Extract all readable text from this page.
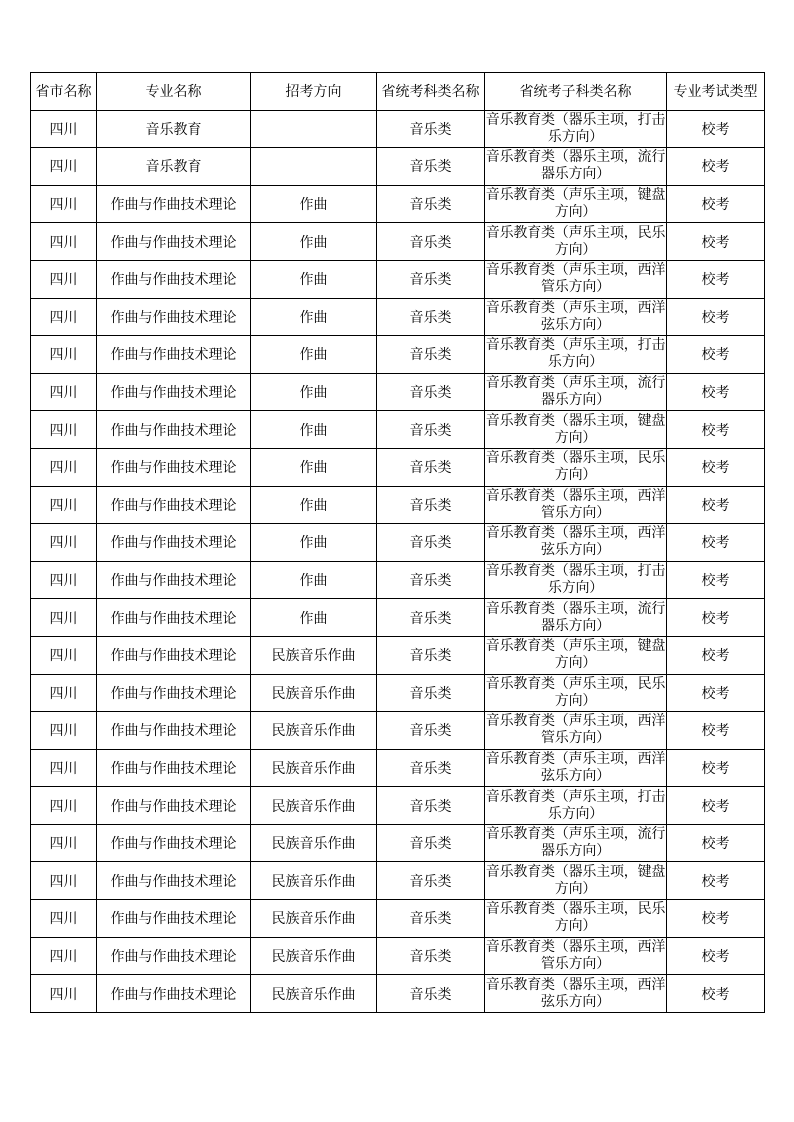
省市名称	专业名称	招考方向	省统考科类名称	省统考子科类名称	专业考试类型
四川	音乐教育		音乐类	音乐教育类（器乐主项，打击乐方向）	校考
四川	音乐教育		音乐类	音乐教育类（器乐主项，流行器乐方向）	校考
四川	作曲与作曲技术理论	作曲	音乐类	音乐教育类（声乐主项，键盘方向）	校考
四川	作曲与作曲技术理论	作曲	音乐类	音乐教育类（声乐主项，民乐方向）	校考
四川	作曲与作曲技术理论	作曲	音乐类	音乐教育类（声乐主项，西洋管乐方向）	校考
四川	作曲与作曲技术理论	作曲	音乐类	音乐教育类（声乐主项，西洋弦乐方向）	校考
四川	作曲与作曲技术理论	作曲	音乐类	音乐教育类（声乐主项，打击乐方向）	校考
四川	作曲与作曲技术理论	作曲	音乐类	音乐教育类（声乐主项，流行器乐方向）	校考
四川	作曲与作曲技术理论	作曲	音乐类	音乐教育类（器乐主项，键盘方向）	校考
四川	作曲与作曲技术理论	作曲	音乐类	音乐教育类（器乐主项，民乐方向）	校考
四川	作曲与作曲技术理论	作曲	音乐类	音乐教育类（器乐主项，西洋管乐方向）	校考
四川	作曲与作曲技术理论	作曲	音乐类	音乐教育类（器乐主项，西洋弦乐方向）	校考
四川	作曲与作曲技术理论	作曲	音乐类	音乐教育类（器乐主项，打击乐方向）	校考
四川	作曲与作曲技术理论	作曲	音乐类	音乐教育类（器乐主项，流行器乐方向）	校考
四川	作曲与作曲技术理论	民族音乐作曲	音乐类	音乐教育类（声乐主项，键盘方向）	校考
四川	作曲与作曲技术理论	民族音乐作曲	音乐类	音乐教育类（声乐主项，民乐方向）	校考
四川	作曲与作曲技术理论	民族音乐作曲	音乐类	音乐教育类（声乐主项，西洋管乐方向）	校考
四川	作曲与作曲技术理论	民族音乐作曲	音乐类	音乐教育类（声乐主项，西洋弦乐方向）	校考
四川	作曲与作曲技术理论	民族音乐作曲	音乐类	音乐教育类（声乐主项，打击乐方向）	校考
四川	作曲与作曲技术理论	民族音乐作曲	音乐类	音乐教育类（声乐主项，流行器乐方向）	校考
四川	作曲与作曲技术理论	民族音乐作曲	音乐类	音乐教育类（器乐主项，键盘方向）	校考
四川	作曲与作曲技术理论	民族音乐作曲	音乐类	音乐教育类（器乐主项，民乐方向）	校考
四川	作曲与作曲技术理论	民族音乐作曲	音乐类	音乐教育类（器乐主项，西洋管乐方向）	校考
四川	作曲与作曲技术理论	民族音乐作曲	音乐类	音乐教育类（器乐主项，西洋弦乐方向）	校考
